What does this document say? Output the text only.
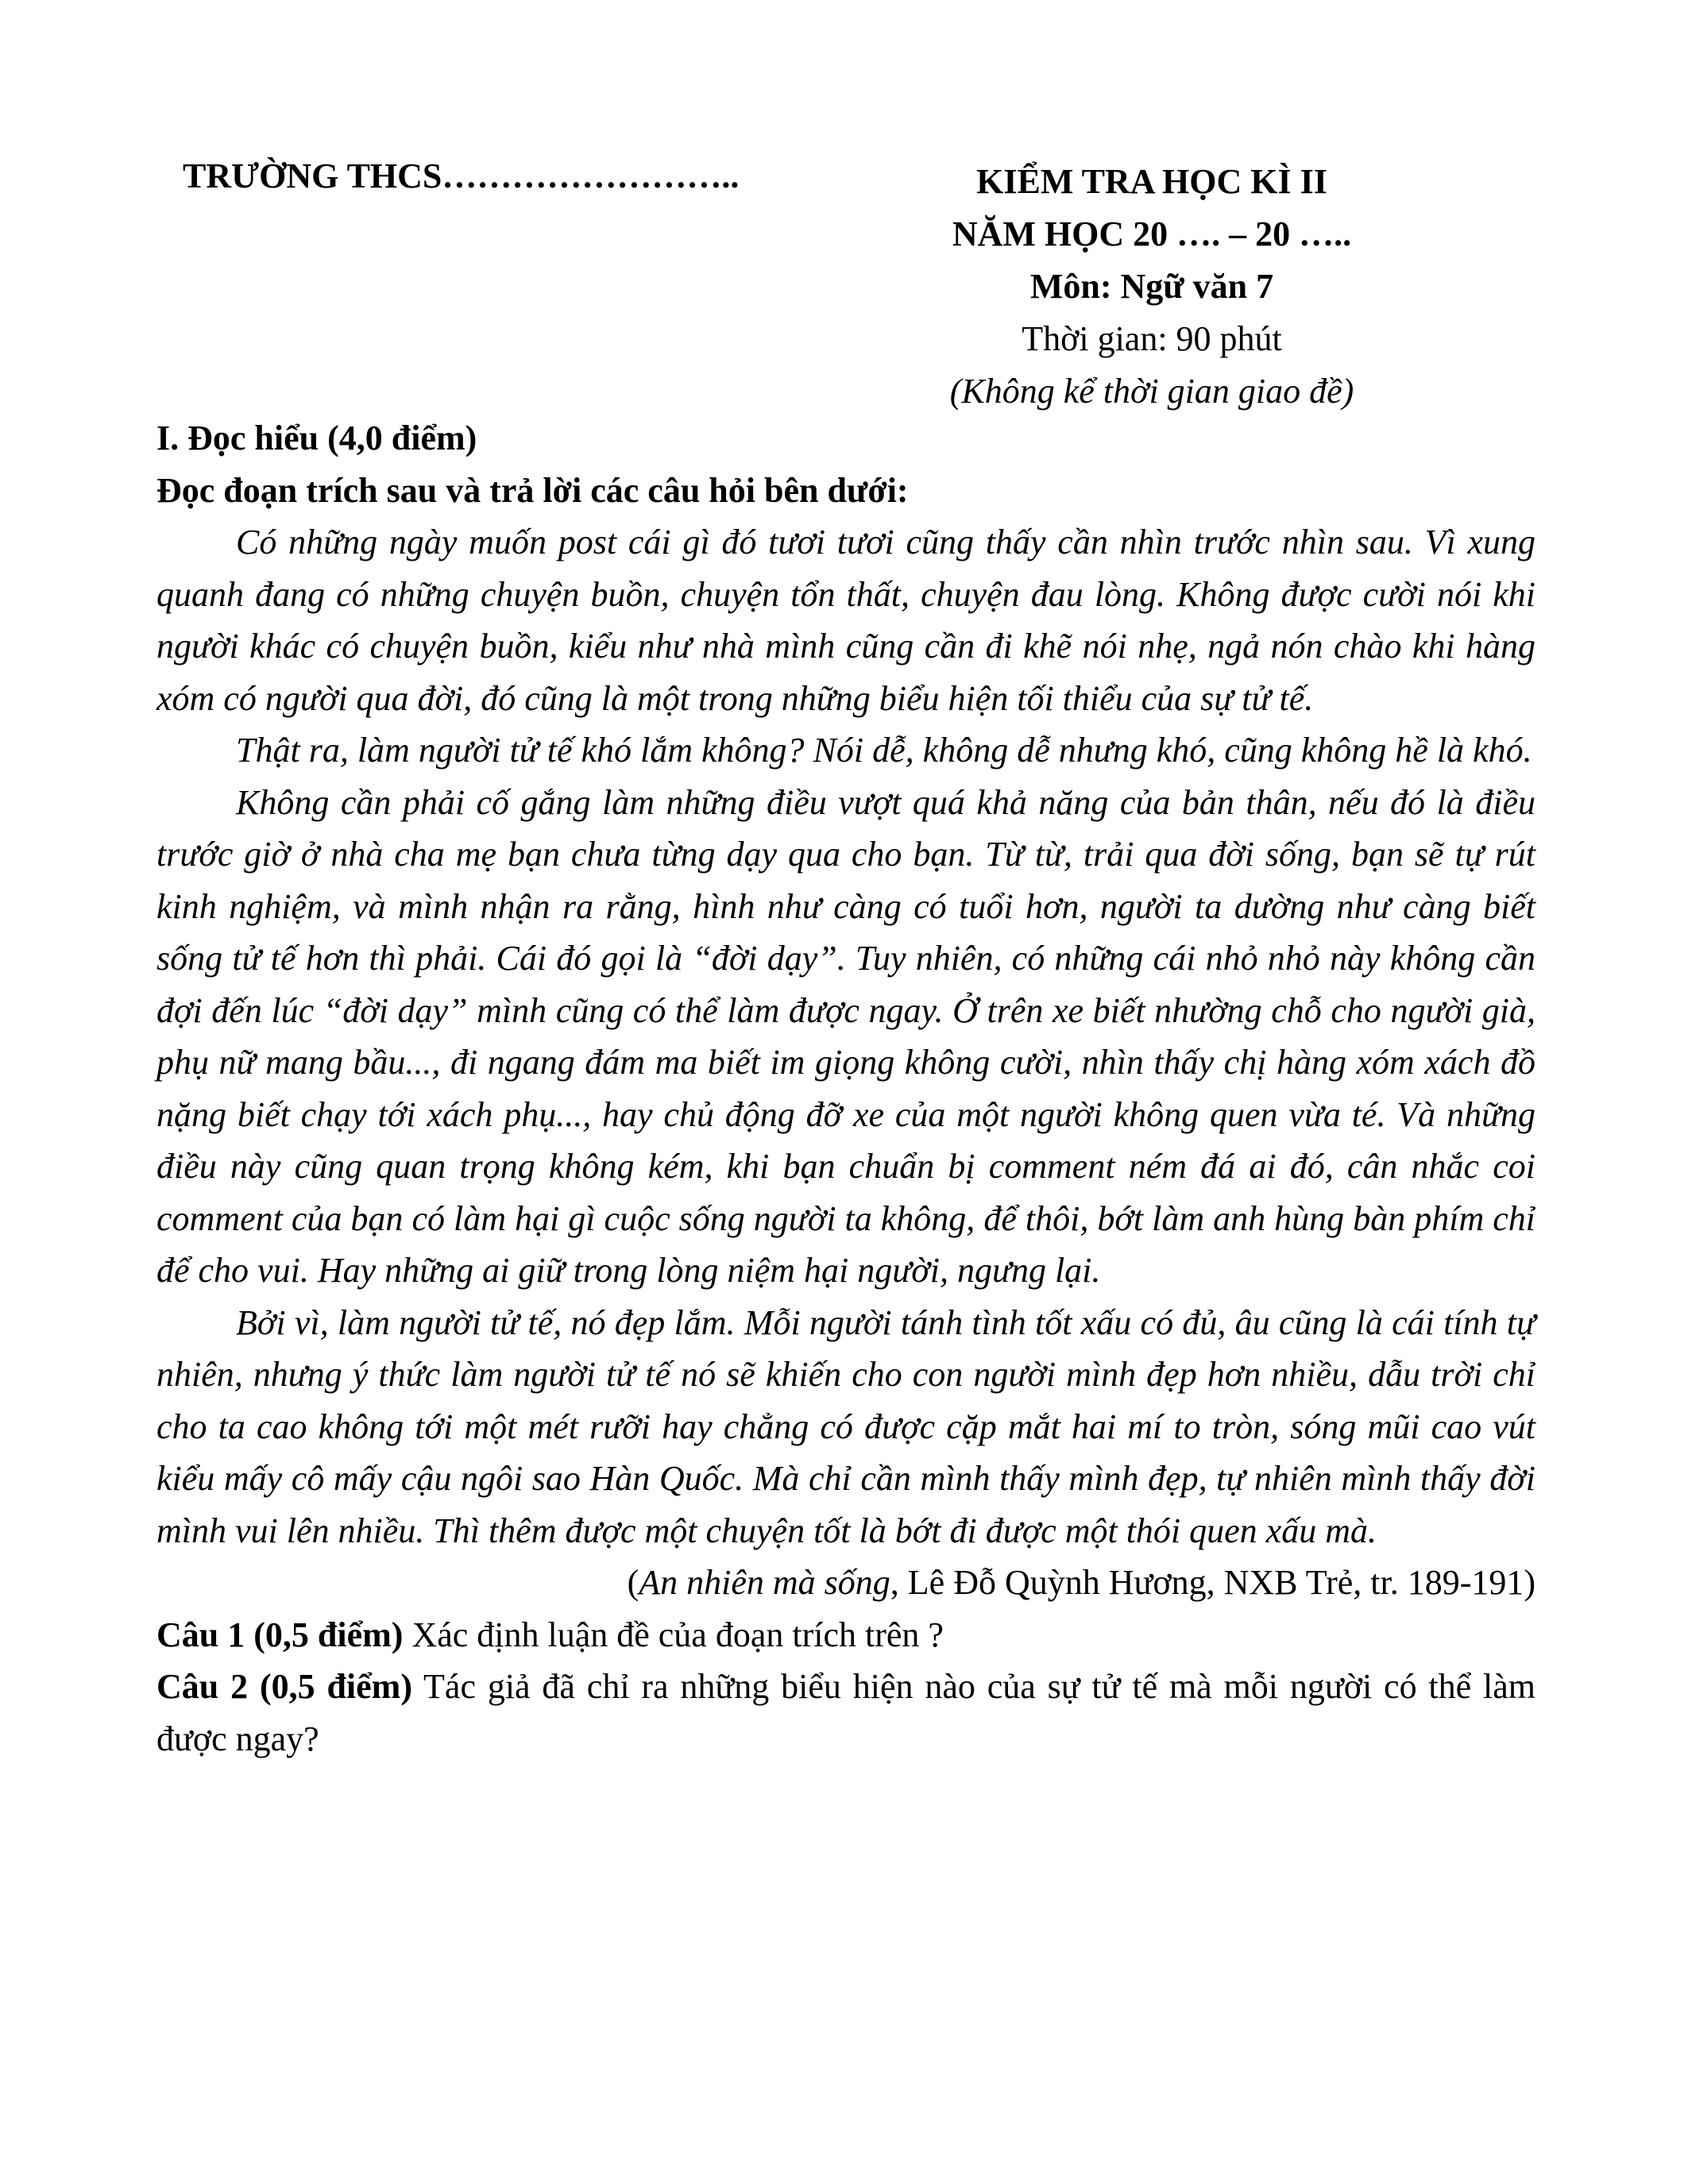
TRƯỜNG THCS……………………..	KIỂM TRA HỌC KÌ II
NĂM HỌC 20 …. – 20 …..
Môn: Ngữ văn 7
Thời gian: 90 phút
(Không kể thời gian giao đề)

I. Đọc hiểu (4,0 điểm)

Đọc đoạn trích sau và trả lời các câu hỏi bên dưới:

Có những ngày muốn post cái gì đó tươi tươi cũng thấy cần nhìn trước nhìn sau. Vì xung quanh đang có những chuyện buồn, chuyện tổn thất, chuyện đau lòng. Không được cười nói khi người khác có chuyện buồn, kiểu như nhà mình cũng cần đi khẽ nói nhẹ, ngả nón chào khi hàng xóm có người qua đời, đó cũng là một trong những biểu hiện tối thiểu của sự tử tế.

Thật ra, làm người tử tế khó lắm không? Nói dễ, không dễ nhưng khó, cũng không hề là khó.

Không cần phải cố gắng làm những điều vượt quá khả năng của bản thân, nếu đó là điều trước giờ ở nhà cha mẹ bạn chưa từng dạy qua cho bạn. Từ từ, trải qua đời sống, bạn sẽ tự rút kinh nghiệm, và mình nhận ra rằng, hình như càng có tuổi hơn, người ta dường như càng biết sống tử tế hơn thì phải. Cái đó gọi là “đời dạy”. Tuy nhiên, có những cái nhỏ nhỏ này không cần đợi đến lúc “đời dạy” mình cũng có thể làm được ngay. Ở trên xe biết nhường chỗ cho người già, phụ nữ mang bầu..., đi ngang đám ma biết im giọng không cười, nhìn thấy chị hàng xóm xách đồ nặng biết chạy tới xách phụ..., hay chủ động đỡ xe của một người không quen vừa té. Và những điều này cũng quan trọng không kém, khi bạn chuẩn bị comment ném đá ai đó, cân nhắc coi comment của bạn có làm hại gì cuộc sống người ta không, để thôi, bớt làm anh hùng bàn phím chỉ để cho vui. Hay những ai giữ trong lòng niệm hại người, ngưng lại.

Bởi vì, làm người tử tế, nó đẹp lắm. Mỗi người tánh tình tốt xấu có đủ, âu cũng là cái tính tự nhiên, nhưng ý thức làm người tử tế nó sẽ khiến cho con người mình đẹp hơn nhiều, dẫu trời chỉ cho ta cao không tới một mét rưỡi hay chẳng có được cặp mắt hai mí to tròn, sóng mũi cao vút kiểu mấy cô mấy cậu ngôi sao Hàn Quốc. Mà chỉ cần mình thấy mình đẹp, tự nhiên mình thấy đời mình vui lên nhiều. Thì thêm được một chuyện tốt là bớt đi được một thói quen xấu mà.

(An nhiên mà sống, Lê Đỗ Quỳnh Hương, NXB Trẻ, tr. 189-191)

Câu 1 (0,5 điểm) Xác định luận đề của đoạn trích trên ?

Câu 2 (0,5 điểm) Tác giả đã chỉ ra những biểu hiện nào của sự tử tế mà mỗi người có thể làm được ngay?
